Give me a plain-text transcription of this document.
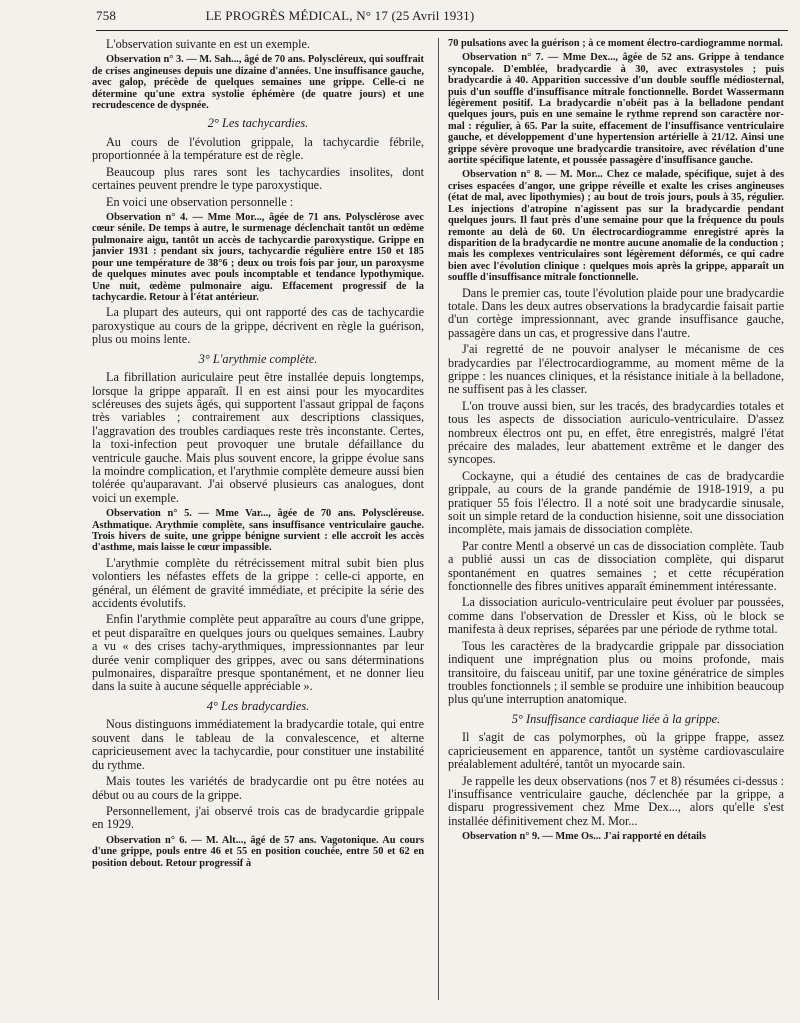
758	LE PROGRÈS MÉDICAL, N° 17 (25 Avril 1931)

L'observation suivante en est un exemple.

Observation n° 3. — M. Sah..., âgé de 70 ans. Polyscléreux, qui souffrait de crises angineuses depuis une dizaine d'années. Une insuffisance gauche, avec galop, précède de quelques semaines une grippe. Celle-ci ne détermine qu'une extra systolie éphémère (de quatre jours) et une recrudescence de dyspnée.

2° Les tachycardies.

Au cours de l'évolution grippale, la tachycardie fébrile, proportionnée à la température est de règle.

Beaucoup plus rares sont les tachycardies insolites, dont certaines peuvent prendre le type paroxystique.

En voici une observation personnelle :

Observation n° 4. — Mme Mor..., âgée de 71 ans. Polysclérose avec cœur sénile. De temps à autre, le surmenage déclenchait tantôt un œdème pulmonaire aigu, tantôt un accès de tachycardie paroxystique. Grippe en janvier 1931 : pendant six jours, tachycardie régulière entre 150 et 185 pour une température de 38°6 ; deux ou trois fois par jour, un paroxysme de quelques minutes avec pouls incomptable et tendance lypothymique. Une nuit, œdème pulmonaire aigu. Effacement progressif de la tachycardie. Retour à l'état antérieur.

La plupart des auteurs, qui ont rapporté des cas de tachycardie paroxystique au cours de la grippe, décrivent en règle la guérison, plus ou moins lente.

3° L'arythmie complète.

La fibrillation auriculaire peut être installée depuis longtemps, lorsque la grippe apparaît. Il en est ainsi pour les myocardites scléreuses des sujets âgés, qui supportent l'assaut grippal de façons très variables ; contrairement aux descriptions classiques, l'aggravation des troubles cardiaques reste très inconstante. Certes, la toxi-infection peut provoquer une brutale défaillance du ventricule gauche. Mais plus souvent encore, la grippe évolue sans la moindre complication, et l'arythmie complète demeure aussi bien tolérée qu'auparavant. J'ai observé plusieurs cas analogues, dont voici un exemple.

Observation n° 5. — Mme Var..., âgée de 70 ans. Polyscléreuse. Asthmatique. Arythmie complète, sans insuffisance ventriculaire gauche. Trois hivers de suite, une grippe bénigne survient : elle accroît les accès d'asthme, mais laisse le cœur impassible.

L'arythmie complète du rétrécissement mitral subit bien plus volontiers les néfastes effets de la grippe : celle-ci apporte, en général, un élément de gravité immédiate, et précipite la série des accidents évolutifs.

Enfin l'arythmie complète peut apparaître au cours d'une grippe, et peut disparaître en quelques jours ou quelques semaines. Laubry a vu « des crises tachy-arythmiques, impressionnantes par leur durée venir compliquer des grippes, avec ou sans déterminations pulmonaires, disparaître presque spontanément, et ne donner lieu dans la suite à aucune séquelle appréciable ».

4° Les bradycardies.

Nous distinguons immédiatement la bradycardie totale, qui entre souvent dans le tableau de la convalescence, et alterne capricieusement avec la tachycardie, pour constituer une instabilité du rythme.

Mais toutes les variétés de bradycardie ont pu être notées au début ou au cours de la grippe.

Personnellement, j'ai observé trois cas de bradycardie grippale en 1929.

Observation n° 6. — M. Alt..., âgé de 57 ans. Vagotonique. Au cours d'une grippe, pouls entre 46 et 55 en position couchée, entre 50 et 62 en position debout. Retour progressif à

70 pulsations avec la guérison ; à ce moment électro-cardiogramme normal.

Observation n° 7. — Mme Dex..., âgée de 52 ans. Grippe à tendance syncopale. D'emblée, bradycardie à 30, avec extrasystoles ; puis bradycardie à 40. Apparition successive d'un double souffle médiosternal, puis d'un souffle d'insuffisance mitrale fonctionnelle. Bordet Wassermann légèrement positif. La bradycardie n'obéit pas à la belladone pendant quelques jours, puis en une semaine le rythme reprend son caractère normal : régulier, à 65. Par la suite, effacement de l'insuffisance ventriculaire gauche, et développement d'une hypertension artérielle à 21/12. Ainsi une grippe sévère provoque une bradycardie transitoire, avec révélation d'une aortite spécifique latente, et poussée passagère d'insuffisance gauche.

Observation n° 8. — M. Mor... Chez ce malade, spécifique, sujet à des crises espacées d'angor, une grippe réveille et exalte les crises angineuses (état de mal, avec lipothymies) ; au bout de trois jours, pouls à 35, régulier. Les injections d'atropine n'agissent pas sur la bradycardie pendant quelques jours. Il faut près d'une semaine pour que la fréquence du pouls remonte au delà de 60. Un électrocardiogramme enregistré après la disparition de la bradycardie ne montre aucune anomalie de la conduction ; mais les complexes ventriculaires sont légèrement déformés, ce qui cadre bien avec l'évolution clinique : quelques mois après la grippe, apparaît un souffle d'insuffisance mitrale fonctionnelle.

Dans le premier cas, toute l'évolution plaide pour une bradycardie totale. Dans les deux autres observations la bradycardie faisait partie d'un cortège impressionnant, avec grande insuffisance gauche, passagère dans un cas, et progressive dans l'autre.

J'ai regretté de ne pouvoir analyser le mécanisme de ces bradycardies par l'électrocardiogramme, au moment même de la grippe : les nuances cliniques, et la résistance initiale à la belladone, ne suffisent pas à les classer.

L'on trouve aussi bien, sur les tracés, des bradycardies totales et tous les aspects de dissociation auriculo-ventriculaire. D'assez nombreux électros ont pu, en effet, être enregistrés, malgré l'état précaire des malades, leur abattement extrême et le danger des syncopes.

Cockayne, qui a étudié des centaines de cas de bradycardie grippale, au cours de la grande pandémie de 1918-1919, a pu pratiquer 55 fois l'électro. Il a noté soit une bradycardie sinusale, soit un simple retard de la conduction hisienne, soit une dissociation incomplète, mais jamais de dissociation complète.

Par contre Mentl a observé un cas de dissociation complète. Taub a publié aussi un cas de dissociation complète, qui disparut spontanément en quatres semaines ; et cette récupération fonctionnelle des fibres unitives apparaît éminemment intéressante.

La dissociation auriculo-ventriculaire peut évoluer par poussées, comme dans l'observation de Dressler et Kiss, où le block se manifesta à deux reprises, séparées par une période de rythme total.

Tous les caractères de la bradycardie grippale par dissociation indiquent une imprégnation plus ou moins profonde, mais transitoire, du faisceau unitif, par une toxine génératrice de simples troubles fonctionnels ; il semble se produire une inhibition beaucoup plus qu'une interruption anatomique.

5° Insuffisance cardiaque liée à la grippe.

Il s'agit de cas polymorphes, où la grippe frappe, assez capricieusement en apparence, tantôt un système cardiovasculaire préalablement adultéré, tantôt un myocarde sain.

Je rappelle les deux observations (nos 7 et 8) résumées ci-dessus : l'insuffisance ventriculaire gauche, déclenchée par la grippe, a disparu progressivement chez Mme Dex..., alors qu'elle s'est installée définitivement chez M. Mor...

Observation n° 9. — Mme Os... J'ai rapporté en détails
